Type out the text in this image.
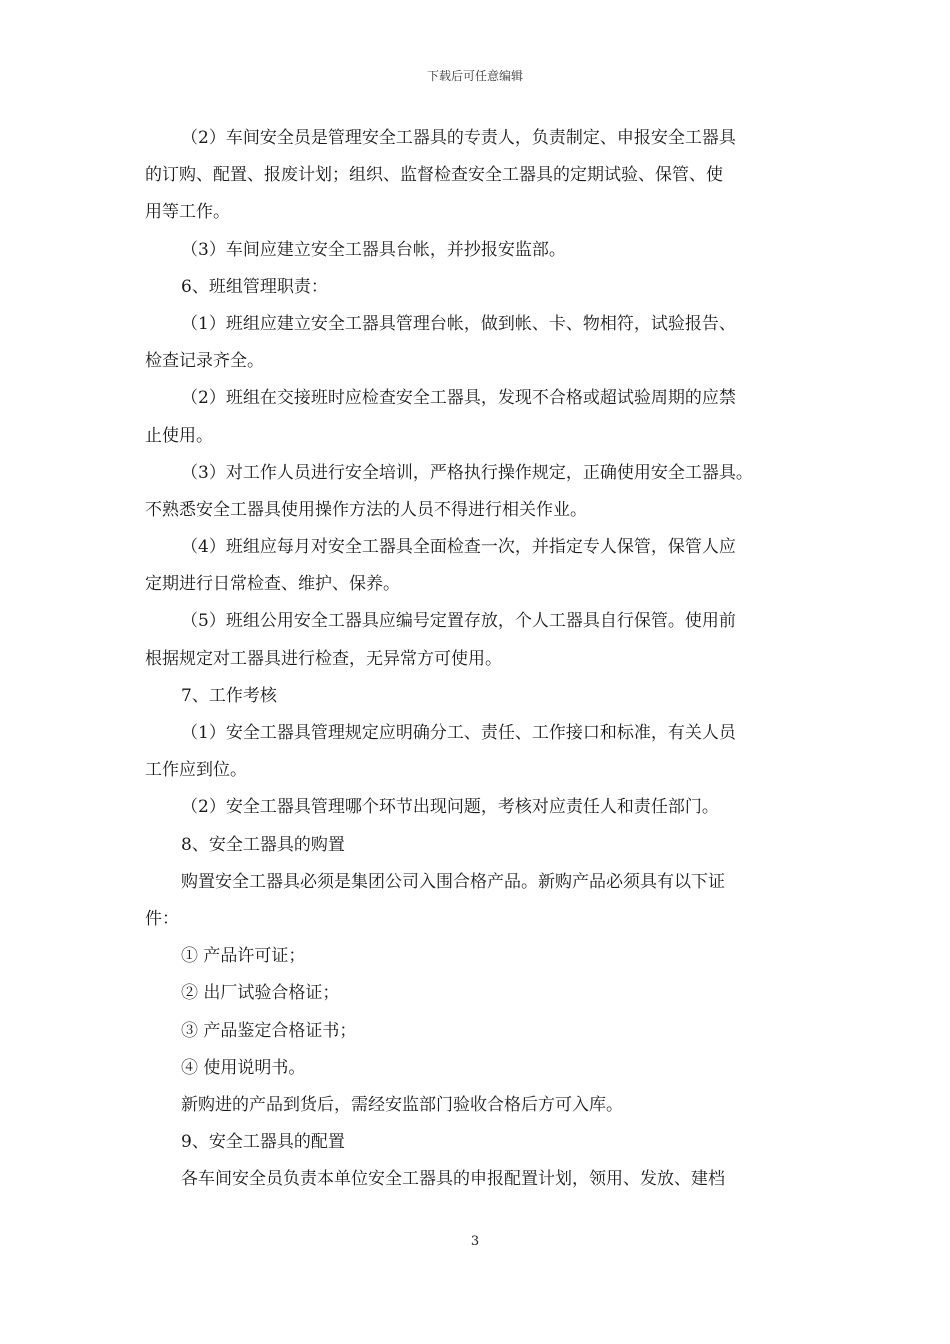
下载后可任意编辑
（2）车间安全员是管理安全工器具的专责人，负责制定、申报安全工器具
的订购、配置、报废计划；组织、监督检查安全工器具的定期试验、保管、使
用等工作。
（3）车间应建立安全工器具台帐，并抄报安监部。
6、班组管理职责：
（1）班组应建立安全工器具管理台帐，做到帐、卡、物相符，试验报告、
检查记录齐全。
（2）班组在交接班时应检查安全工器具，发现不合格或超试验周期的应禁
止使用。
（3）对工作人员进行安全培训，严格执行操作规定，正确使用安全工器具。
不熟悉安全工器具使用操作方法的人员不得进行相关作业。
（4）班组应每月对安全工器具全面检查一次，并指定专人保管，保管人应
定期进行日常检查、维护、保养。
（5）班组公用安全工器具应编号定置存放，个人工器具自行保管。使用前
根据规定对工器具进行检查，无异常方可使用。
7、工作考核
（1）安全工器具管理规定应明确分工、责任、工作接口和标准，有关人员
工作应到位。
（2）安全工器具管理哪个环节出现问题，考核对应责任人和责任部门。
8、安全工器具的购置
购置安全工器具必须是集团公司入围合格产品。新购产品必须具有以下证
件：
① 产品许可证；
② 出厂试验合格证；
③ 产品鉴定合格证书；
④ 使用说明书。
新购进的产品到货后，需经安监部门验收合格后方可入库。
9、安全工器具的配置
各车间安全员负责本单位安全工器具的申报配置计划，领用、发放、建档
3
